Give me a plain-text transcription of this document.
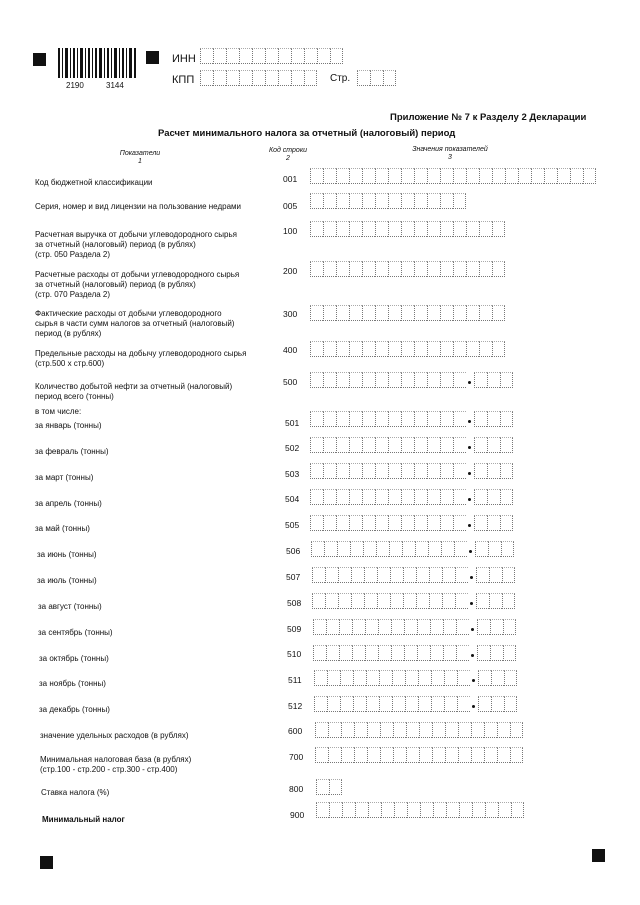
2190	3144
ИНН
КПП	Стр.
Приложение № 7 к Разделу 2 Декларации
Расчет минимального налога за отчетный (налоговый) период
Показатели
1
Код строки
2
Значения показателей
3
Код бюджетной классификации	001
Серия, номер и вид лицензии на пользование недрами	005
Расчетная выручка от добычи углеводородного сырья
за отчетный (налоговый) период (в рублях)
(стр. 050 Раздела 2)
100
Расчетные расходы от добычи углеводородного сырья
за отчетный (налоговый) период (в рублях)
(стр. 070 Раздела 2)
200
Фактические расходы от добычи углеводородного
сырья в части сумм налогов за отчетный (налоговый)
период (в рублях)
300
Предельные расходы на добычу углеводородного сырья
(стр.500 х стр.600)
400
Количество добытой нефти за отчетный (налоговый)
период всего (тонны)
500
в том числе:
за январь (тонны)	501
за февраль (тонны)	502
за март (тонны)	503
за апрель (тонны)	504
за май (тонны)	505
за июнь (тонны)	506
за июль (тонны)	507
за август (тонны)	508
за сентябрь (тонны)	509
за октябрь (тонны)	510
за ноябрь (тонны)	511
за декабрь (тонны)	512
значение удельных расходов (в рублях)	600
Минимальная налоговая база (в рублях)
(стр.100 - стр.200 - стр.300 - стр.400)
700
Ставка налога (%)	800
Минимальный налог	900
